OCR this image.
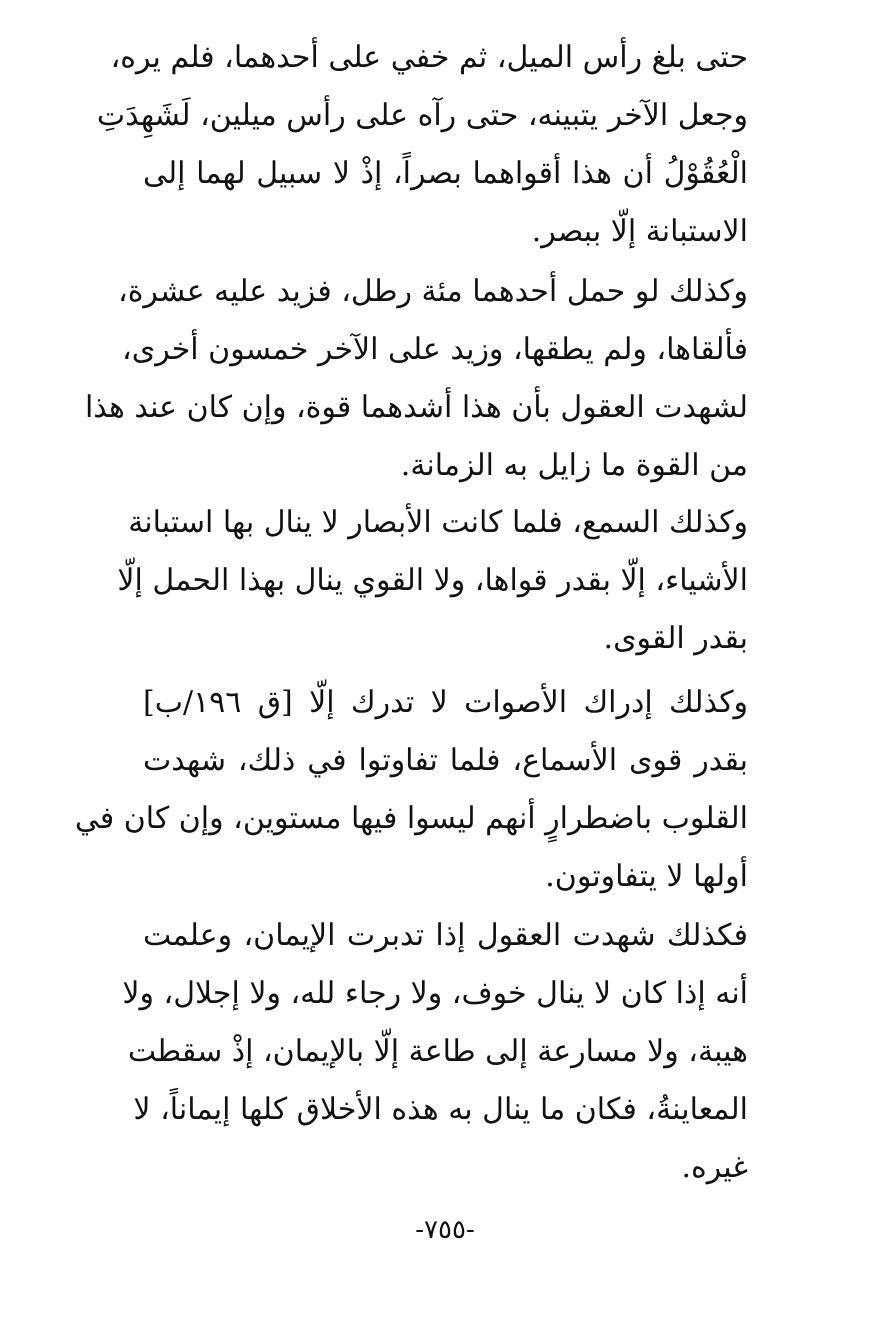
حتى بلغ رأس الميل، ثم خفي على أحدهما، فلم يره،
وجعل الآخر يتبينه، حتى رآه على رأس ميلين، لَشَهِدَتِ
الْعُقُوْلُ أن هذا أقواهما بصراً، إذْ لا سبيل لهما إلى
الاستبانة إلّا ببصر.
وكذلك لو حمل أحدهما مئة رطل، فزيد عليه عشرة،
فألقاها، ولم يطقها، وزيد على الآخر خمسون أخرى،
لشهدت العقول بأن هذا أشدهما قوة، وإن كان عند هذا
من القوة ما زايل به الزمانة.
وكذلك السمع، فلما كانت الأبصار لا ينال بها استبانة
الأشياء، إلّا بقدر قواها، ولا القوي ينال بهذا الحمل إلّا
بقدر القوى.
وكذلك إدراك الأصوات لا تدرك إلّا [ق ١٩٦/ب]
بقدر قوى الأسماع، فلما تفاوتوا في ذلك، شهدت
القلوب باضطرارٍ أنهم ليسوا فيها مستوين، وإن كان في
أولها لا يتفاوتون.
فكذلك شهدت العقول إذا تدبرت الإيمان، وعلمت
أنه إذا كان لا ينال خوف، ولا رجاء لله، ولا إجلال، ولا
هيبة، ولا مسارعة إلى طاعة إلّا بالإيمان، إذْ سقطت
المعاينةُ، فكان ما ينال به هذه الأخلاق كلها إيماناً، لا
غيره.
-٧٥٥-
